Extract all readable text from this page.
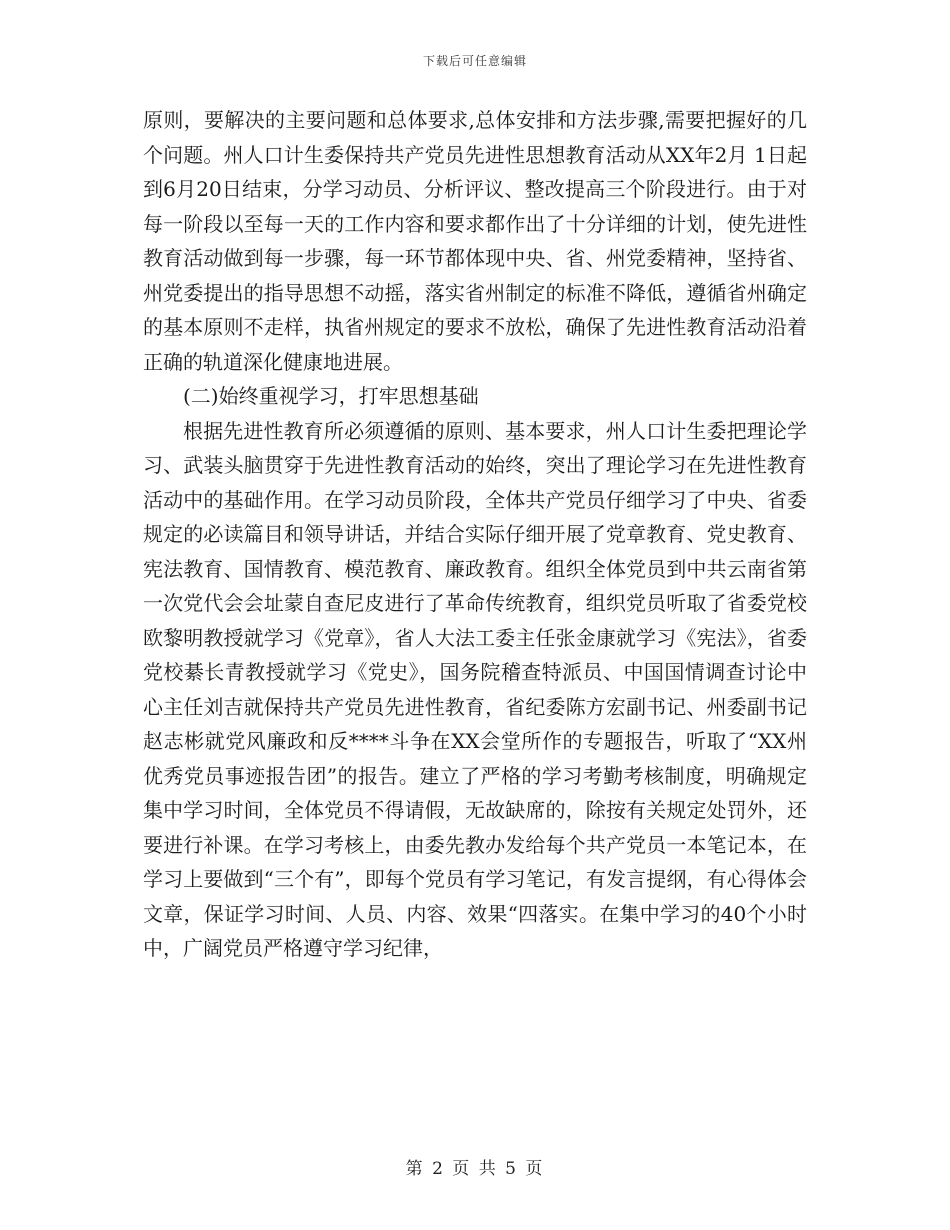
下载后可任意编辑

原则，要解决的主要问题和总体要求,总体安排和方法步骤,需要把握好的几个问题。州人口计生委保持共产党员先进性思想教育活动从XX年2月 1日起到6月20日结束，分学习动员、分析评议、整改提高三个阶段进行。由于对每一阶段以至每一天的工作内容和要求都作出了十分详细的计划，使先进性教育活动做到每一步骤，每一环节都体现中央、省、州党委精神，坚持省、州党委提出的指导思想不动摇，落实省州制定的标准不降低，遵循省州确定的基本原则不走样，执省州规定的要求不放松，确保了先进性教育活动沿着正确的轨道深化健康地进展。

(二)始终重视学习，打牢思想基础

根据先进性教育所必须遵循的原则、基本要求，州人口计生委把理论学习、武装头脑贯穿于先进性教育活动的始终，突出了理论学习在先进性教育活动中的基础作用。在学习动员阶段，全体共产党员仔细学习了中央、省委规定的必读篇目和领导讲话，并结合实际仔细开展了党章教育、党史教育、宪法教育、国情教育、模范教育、廉政教育。组织全体党员到中共云南省第一次党代会会址蒙自查尼皮进行了革命传统教育，组织党员听取了省委党校欧黎明教授就学习《党章》，省人大法工委主任张金康就学习《宪法》，省委党校綦长青教授就学习《党史》，国务院稽查特派员、中国国情调查讨论中心主任刘吉就保持共产党员先进性教育，省纪委陈方宏副书记、州委副书记赵志彬就党风廉政和反****斗争在XX会堂所作的专题报告，听取了“XX州优秀党员事迹报告团”的报告。建立了严格的学习考勤考核制度，明确规定集中学习时间，全体党员不得请假，无故缺席的，除按有关规定处罚外，还要进行补课。在学习考核上，由委先教办发给每个共产党员一本笔记本，在学习上要做到“三个有”，即每个党员有学习笔记，有发言提纲，有心得体会文章，保证学习时间、人员、内容、效果“四落实。在集中学习的40个小时中，广阔党员严格遵守学习纪律，

第 2 页 共 5 页
